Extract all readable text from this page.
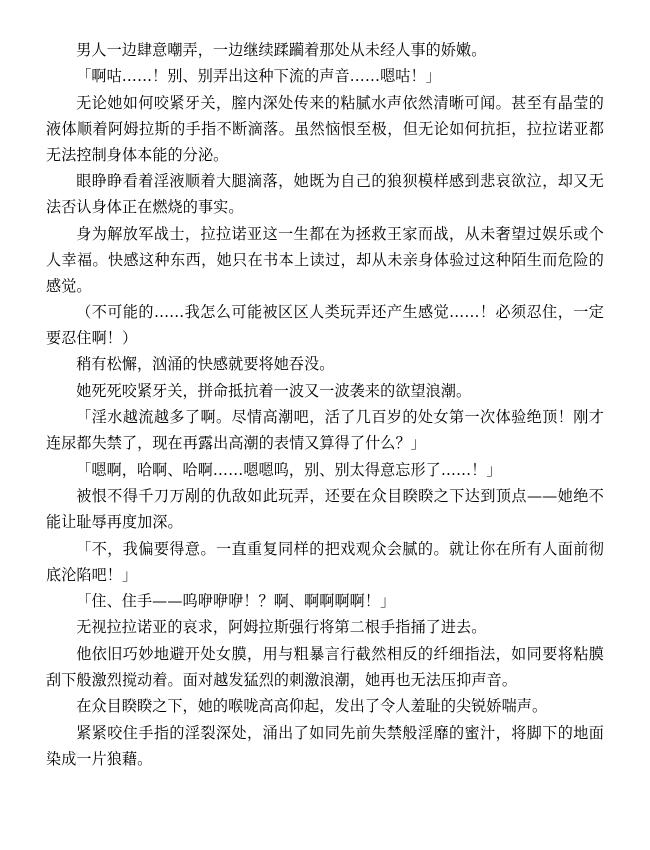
男人一边肆意嘲弄，一边继续蹂躏着那处从未经人事的娇嫩。

「啊咕……！别、别弄出这种下流的声音……嗯咕！」

无论她如何咬紧牙关，膣内深处传来的粘腻水声依然清晰可闻。甚至有晶莹的液体顺着阿姆拉斯的手指不断滴落。虽然恼恨至极，但无论如何抗拒，拉拉诺亚都无法控制身体本能的分泌。

眼睁睁看着淫液顺着大腿滴落，她既为自己的狼狈模样感到悲哀欲泣，却又无法否认身体正在燃烧的事实。

身为解放军战士，拉拉诺亚这一生都在为拯救王家而战，从未奢望过娱乐或个人幸福。快感这种东西，她只在书本上读过，却从未亲身体验过这种陌生而危险的感觉。

（不可能的……我怎么可能被区区人类玩弄还产生感觉……！必须忍住，一定要忍住啊！）

稍有松懈，汹涌的快感就要将她吞没。

她死死咬紧牙关，拼命抵抗着一波又一波袭来的欲望浪潮。

「淫水越流越多了啊。尽情高潮吧，活了几百岁的处女第一次体验绝顶！刚才连尿都失禁了，现在再露出高潮的表情又算得了什么？」

「嗯啊，哈啊、哈啊……嗯嗯呜，别、别太得意忘形了……！」

被恨不得千刀万剐的仇敌如此玩弄，还要在众目睽睽之下达到顶点——她绝不能让耻辱再度加深。

「不，我偏要得意。一直重复同样的把戏观众会腻的。就让你在所有人面前彻底沦陷吧！」

「住、住手——呜咿咿咿！？啊、啊啊啊啊！」

无视拉拉诺亚的哀求，阿姆拉斯强行将第二根手指捅了进去。

他依旧巧妙地避开处女膜，用与粗暴言行截然相反的纤细指法，如同要将粘膜刮下般激烈搅动着。面对越发猛烈的刺激浪潮，她再也无法压抑声音。

在众目睽睽之下，她的喉咙高高仰起，发出了令人羞耻的尖锐娇喘声。

紧紧咬住手指的淫裂深处，涌出了如同先前失禁般淫靡的蜜汁，将脚下的地面染成一片狼藉。
